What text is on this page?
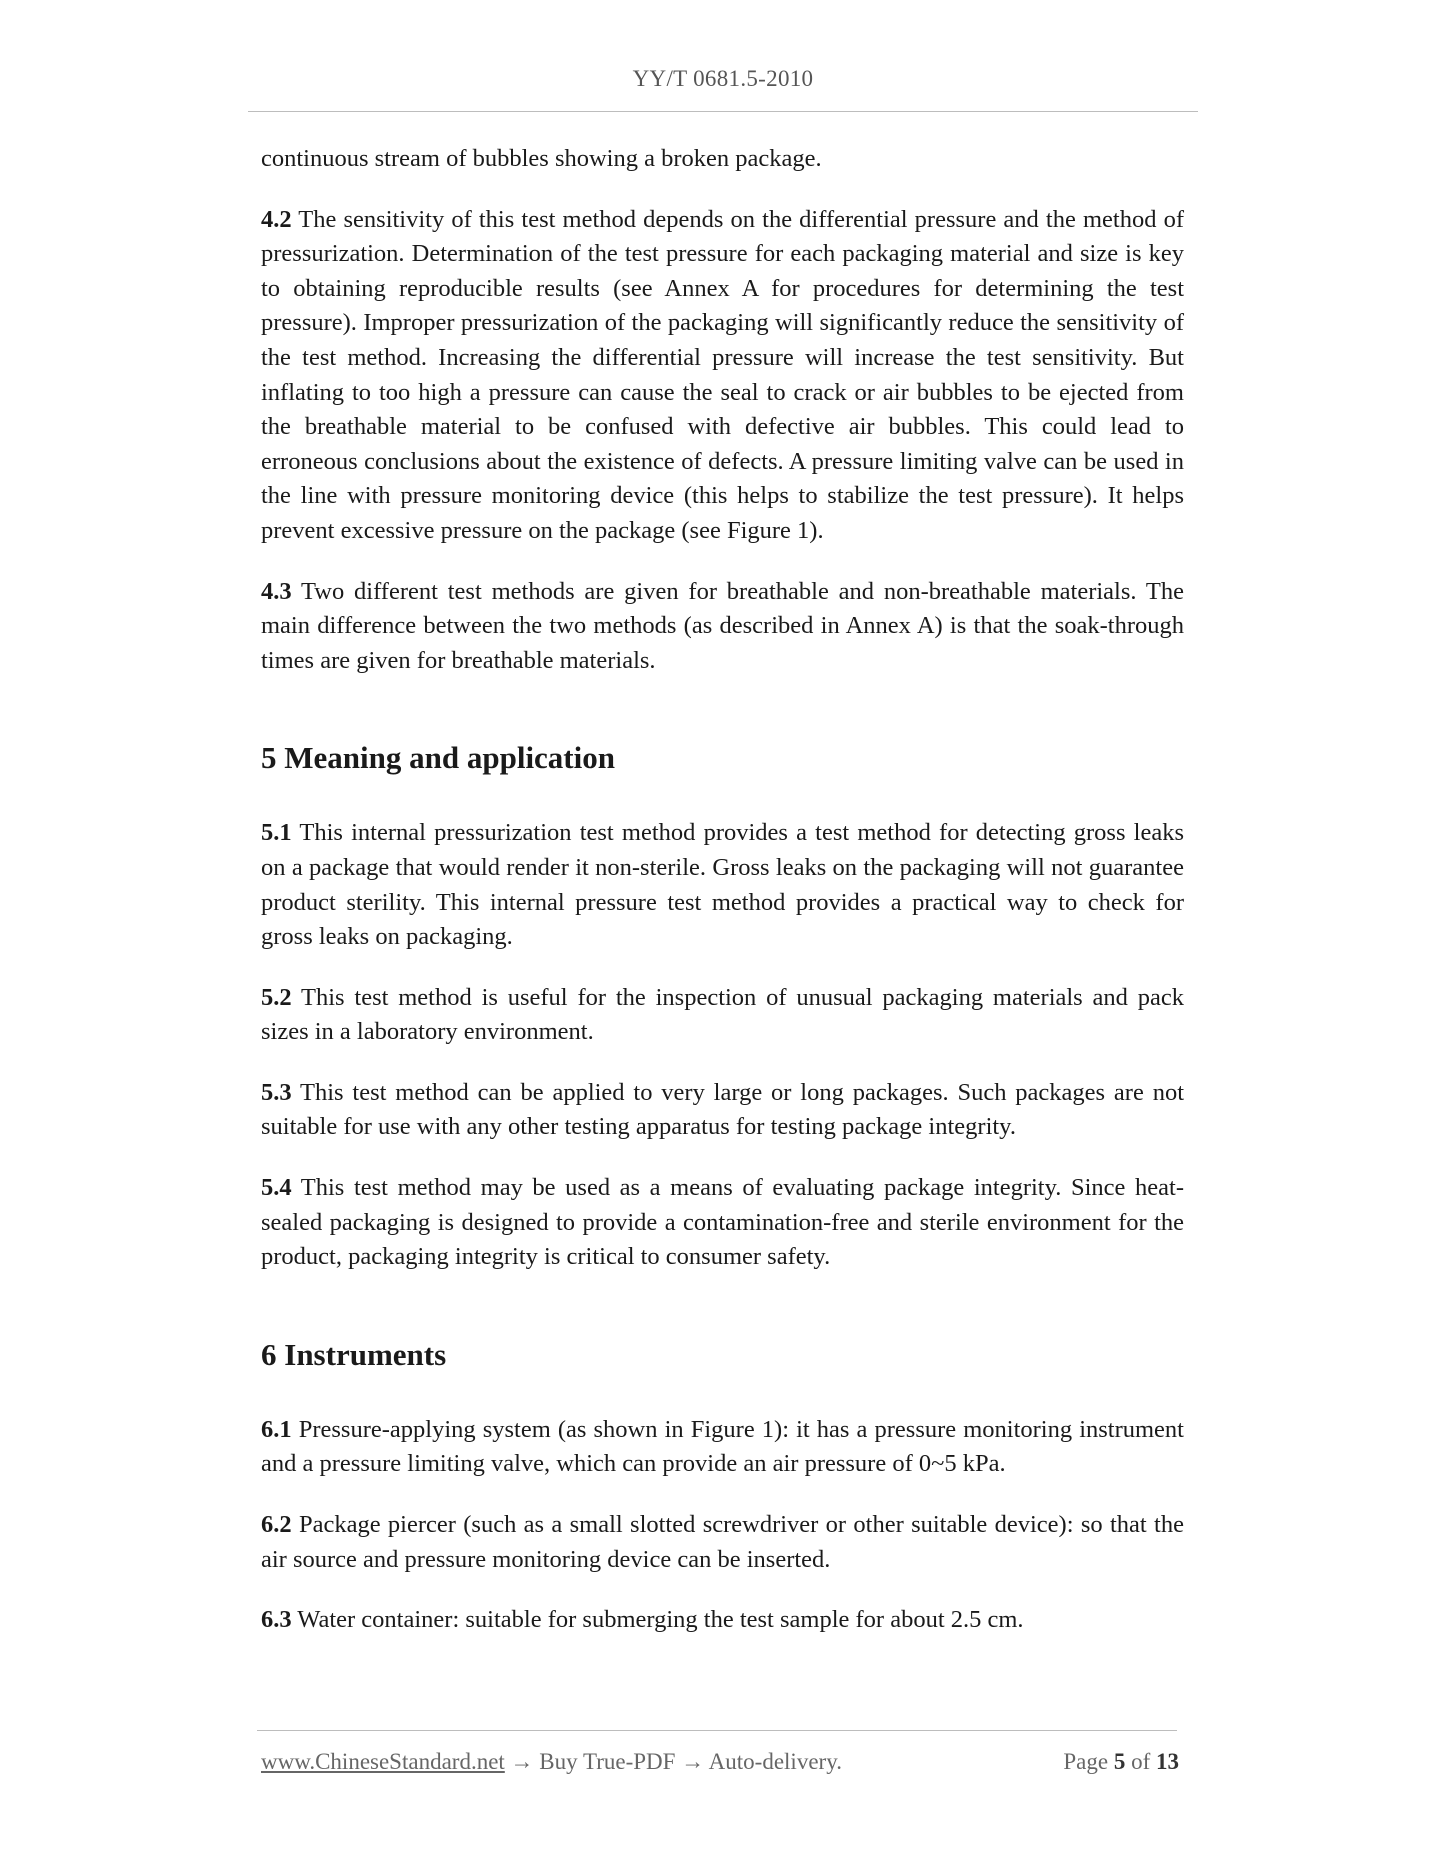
YY/T 0681.5-2010

continuous stream of bubbles showing a broken package.

4.2 The sensitivity of this test method depends on the differential pressure and the method of pressurization. Determination of the test pressure for each packaging material and size is key to obtaining reproducible results (see Annex A for procedures for determining the test pressure). Improper pressurization of the packaging will significantly reduce the sensitivity of the test method. Increasing the differential pressure will increase the test sensitivity. But inflating to too high a pressure can cause the seal to crack or air bubbles to be ejected from the breathable material to be confused with defective air bubbles. This could lead to erroneous conclusions about the existence of defects. A pressure limiting valve can be used in the line with pressure monitoring device (this helps to stabilize the test pressure). It helps prevent excessive pressure on the package (see Figure 1).

4.3 Two different test methods are given for breathable and non-breathable materials. The main difference between the two methods (as described in Annex A) is that the soak-through times are given for breathable materials.

5 Meaning and application

5.1 This internal pressurization test method provides a test method for detecting gross leaks on a package that would render it non-sterile. Gross leaks on the packaging will not guarantee product sterility. This internal pressure test method provides a practical way to check for gross leaks on packaging.

5.2 This test method is useful for the inspection of unusual packaging materials and pack sizes in a laboratory environment.

5.3 This test method can be applied to very large or long packages. Such packages are not suitable for use with any other testing apparatus for testing package integrity.

5.4 This test method may be used as a means of evaluating package integrity. Since heat-sealed packaging is designed to provide a contamination-free and sterile environment for the product, packaging integrity is critical to consumer safety.

6 Instruments

6.1 Pressure-applying system (as shown in Figure 1): it has a pressure monitoring instrument and a pressure limiting valve, which can provide an air pressure of 0~5 kPa.

6.2 Package piercer (such as a small slotted screwdriver or other suitable device): so that the air source and pressure monitoring device can be inserted.

6.3 Water container: suitable for submerging the test sample for about 2.5 cm.

www.ChineseStandard.net → Buy True-PDF → Auto-delivery.	Page 5 of 13
